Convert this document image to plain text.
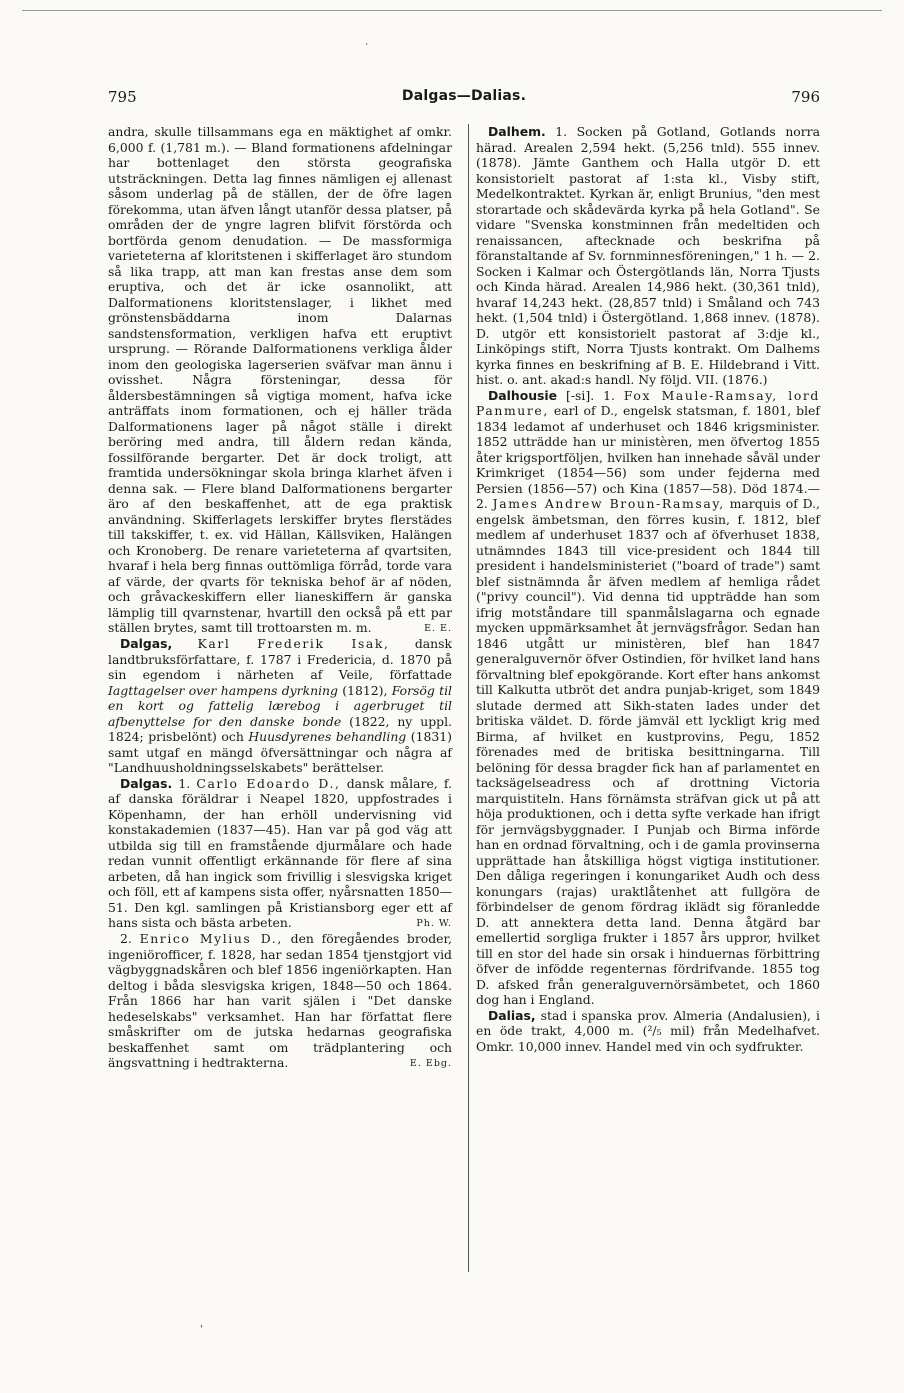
˙
795	Dalgas—Dalias.	796

andra, skulle tillsammans ega en mäktighet af omkr. 6,000 f. (1,781 m.). — Bland formationens afdelningar har bottenlaget den största geografiska utsträckningen. Detta lag finnes nämligen ej allenast såsom underlag på de ställen, der de öfre lagen förekomma, utan äfven långt utanför dessa platser, på områden der de yngre lagren blifvit förstörda och bortförda genom denudation. — De massformiga varieteterna af kloritstenen i skifferlaget äro stundom så lika trapp, att man kan frestas anse dem som eruptiva, och det är icke osannolikt, att Dalformationens kloritstenslager, i likhet med grönstensbäddarna inom Dalarnas sandstensformation, verkligen hafva ett eruptivt ursprung. — Rörande Dalformationens verkliga ålder inom den geologiska lagerserien sväfvar man ännu i ovisshet. Några försteningar, dessa för åldersbestämningen så vigtiga moment, hafva icke anträffats inom formationen, och ej häller träda Dalformationens lager på något ställe i direkt beröring med andra, till åldern redan kända, fossilförande bergarter. Det är dock troligt, att framtida undersökningar skola bringa klarhet äfven i denna sak. — Flere bland Dalformationens bergarter äro af den beskaffenhet, att de ega praktisk användning. Skifferlagets lerskiffer brytes flerstädes till takskiffer, t. ex. vid Hällan, Källsviken, Halängen och Kronoberg. De renare varieteterna af qvartsiten, hvaraf i hela berg finnas outtömliga förråd, torde vara af värde, der qvarts för tekniska behof är af nöden, och gråvackeskiffern eller lianeskiffern är ganska lämplig till qvarnstenar, hvartill den också på ett par ställen brytes, samt till trottoarsten m. m.	E. E.

Dalgas, Karl Frederik Isak, dansk landtbruksförfattare, f. 1787 i Fredericia, d. 1870 på sin egendom i närheten af Veile, författade Iagttagelser over hampens dyrkning (1812), Forsög til en kort og fattelig lærebog i agerbruget til afbenyttelse for den danske bonde (1822, ny uppl. 1824; prisbelönt) och Huusdyrenes behandling (1831) samt utgaf en mängd öfversättningar och några af "Landhuusholdningsselskabets" berättelser.

Dalgas. 1. Carlo Edoardo D., dansk målare, f. af danska föräldrar i Neapel 1820, uppfostrades i Köpenhamn, der han erhöll undervisning vid konstakademien (1837—45). Han var på god väg att utbilda sig till en framstående djurmålare och hade redan vunnit offentligt erkännande för flere af sina arbeten, då han ingick som frivillig i slesvigska kriget och föll, ett af kampens sista offer, nyårsnatten 1850—51. Den kgl. samlingen på Kristiansborg eger ett af hans sista och bästa arbeten.	Ph. W.

2. Enrico Mylius D., den föregåendes broder, ingeniörofficer, f. 1828, har sedan 1854 tjenstgjort vid vägbyggnadskåren och blef 1856 ingeniörkapten. Han deltog i båda slesvigska krigen, 1848—50 och 1864. Från 1866 har han varit själen i "Det danske hedeselskabs" verksamhet. Han har författat flere småskrifter om de jutska hedarnas geografiska beskaffenhet samt om trädplantering och ängsvattning i hedtrakterna.	E. Ebg.

Dalhem. 1. Socken på Gotland, Gotlands norra härad. Arealen 2,594 hekt. (5,256 tnld). 555 innev. (1878). Jämte Ganthem och Halla utgör D. ett konsistorielt pastorat af 1:sta kl., Visby stift, Medelkontraktet. Kyrkan är, enligt Brunius, "den mest storartade och skådevärda kyrka på hela Gotland". Se vidare "Svenska konstminnen från medeltiden och renaissancen, aftecknade och beskrifna på föranstaltande af Sv. fornminnesföreningen," 1 h. — 2. Socken i Kalmar och Östergötlands län, Norra Tjusts och Kinda härad. Arealen 14,986 hekt. (30,361 tnld), hvaraf 14,243 hekt. (28,857 tnld) i Småland och 743 hekt. (1,504 tnld) i Östergötland. 1,868 innev. (1878). D. utgör ett konsistorielt pastorat af 3:dje kl., Linköpings stift, Norra Tjusts kontrakt. Om Dalhems kyrka finnes en beskrifning af B. E. Hildebrand i Vitt. hist. o. ant. akad:s handl. Ny följd. VII. (1876.)

Dalhousie [-si]. 1. Fox Maule-Ramsay, lord Panmure, earl of D., engelsk statsman, f. 1801, blef 1834 ledamot af underhuset och 1846 krigsminister. 1852 utträdde han ur ministèren, men öfvertog 1855 åter krigsportföljen, hvilken han innehade såväl under Krimkriget (1854—56) som under fejderna med Persien (1856—57) och Kina (1857—58). Död 1874.— 2. James Andrew Broun-Ramsay, marquis of D., engelsk ämbetsman, den förres kusin, f. 1812, blef medlem af underhuset 1837 och af öfverhuset 1838, utnämndes 1843 till vice-president och 1844 till president i handelsministeriet ("board of trade") samt blef sistnämnda år äfven medlem af hemliga rådet ("privy council"). Vid denna tid uppträdde han som ifrig motståndare till spanmålslagarna och egnade mycken uppmärksamhet åt jernvägsfrågor. Sedan han 1846 utgått ur ministèren, blef han 1847 generalguvernör öfver Ostindien, för hvilket land hans förvaltning blef epokgörande. Kort efter hans ankomst till Kalkutta utbröt det andra punjab-kriget, som 1849 slutade dermed att Sikh-staten lades under det britiska väldet. D. förde jämväl ett lyckligt krig med Birma, af hvilket en kustprovins, Pegu, 1852 förenades med de britiska besittningarna. Till belöning för dessa bragder fick han af parlamentet en tacksägelseadress och af drottning Victoria marquistiteln. Hans förnämsta sträfvan gick ut på att höja produktionen, och i detta syfte verkade han ifrigt för jernvägsbyggnader. I Punjab och Birma införde han en ordnad förvaltning, och i de gamla provinserna upprättade han åtskilliga högst vigtiga institutioner. Den dåliga regeringen i konungariket Audh och dess konungars (rajas) uraktlåtenhet att fullgöra de förbindelser de genom fördrag iklädt sig föranledde D. att annektera detta land. Denna åtgärd bar emellertid sorgliga frukter i 1857 års uppror, hvilket till en stor del hade sin orsak i hinduernas förbittring öfver de infödde regenternas fördrifvande. 1855 tog D. afsked från generalguvernörsämbetet, och 1860 dog han i England.

Dalias, stad i spanska prov. Almeria (Andalusien), i en öde trakt, 4,000 m. (²/₅ mil) från Medelhafvet. Omkr. 10,000 innev. Handel med vin och sydfrukter.

ˌ
